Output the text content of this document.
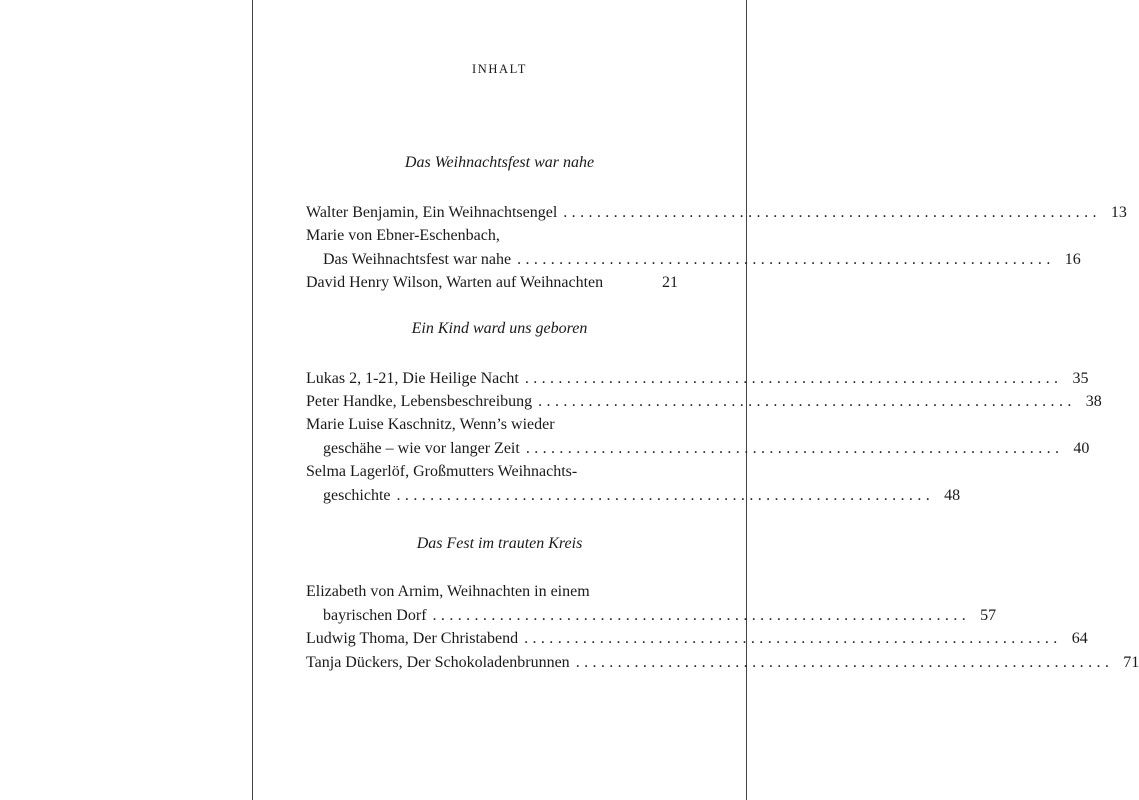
INHALT
Das Weihnachtsfest war nahe
Walter Benjamin, Ein Weihnachtsengel ................................................................ 13
Marie von Ebner-Eschenbach,
Das Weihnachtsfest war nahe ................................................................ 16
David Henry Wilson, Warten auf Weihnachten	21
Ein Kind ward uns geboren
Lukas 2, 1-21, Die Heilige Nacht ................................................................ 35
Peter Handke, Lebensbeschreibung ................................................................ 38
Marie Luise Kaschnitz, Wenn’s wieder
geschähe – wie vor langer Zeit ................................................................ 40
Selma Lagerlöf, Großmutters Weihnachts-
geschichte ................................................................ 48
Das Fest im trauten Kreis
Elizabeth von Arnim, Weihnachten in einem
bayrischen Dorf ................................................................ 57
Ludwig Thoma, Der Christabend ................................................................ 64
Tanja Dückers, Der Schokoladenbrunnen ................................................................ 71
